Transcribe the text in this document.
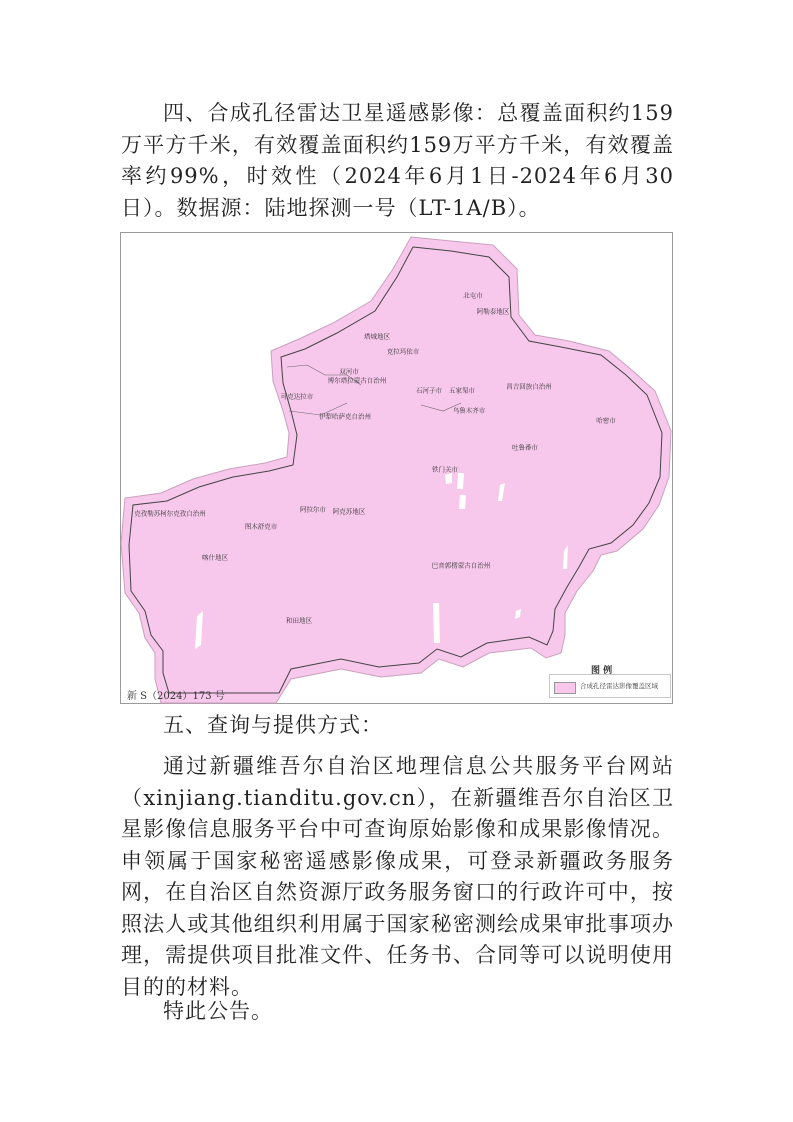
四、合成孔径雷达卫星遥感影像：总覆盖面积约159万平方千米，有效覆盖面积约159万平方千米，有效覆盖率约99%，时效性（2024年6月1日-2024年6月30日）。数据源：陆地探测一号（LT-1A/B）。

北屯市
阿勒泰地区
塔城地区
克拉玛依市
双河市
博尔塔拉蒙古自治州
石河子市 五家渠市	昌吉回族自治州
可克达拉市
伊犁哈萨克自治州
乌鲁木齐市
哈密市
吐鲁番市
铁门关市
克孜勒苏柯尔克孜自治州	阿拉尔市 阿克苏地区
图木舒克市
喀什地区
巴音郭楞蒙古自治州
和田地区
新 S（2024）173 号
图 例
合成孔径雷达影像覆盖区域

五、查询与提供方式：

通过新疆维吾尔自治区地理信息公共服务平台网站（xinjiang.tianditu.gov.cn），在新疆维吾尔自治区卫星影像信息服务平台中可查询原始影像和成果影像情况。申领属于国家秘密遥感影像成果，可登录新疆政务服务网，在自治区自然资源厅政务服务窗口的行政许可中，按照法人或其他组织利用属于国家秘密测绘成果审批事项办理，需提供项目批准文件、任务书、合同等可以说明使用目的的材料。

特此公告。
